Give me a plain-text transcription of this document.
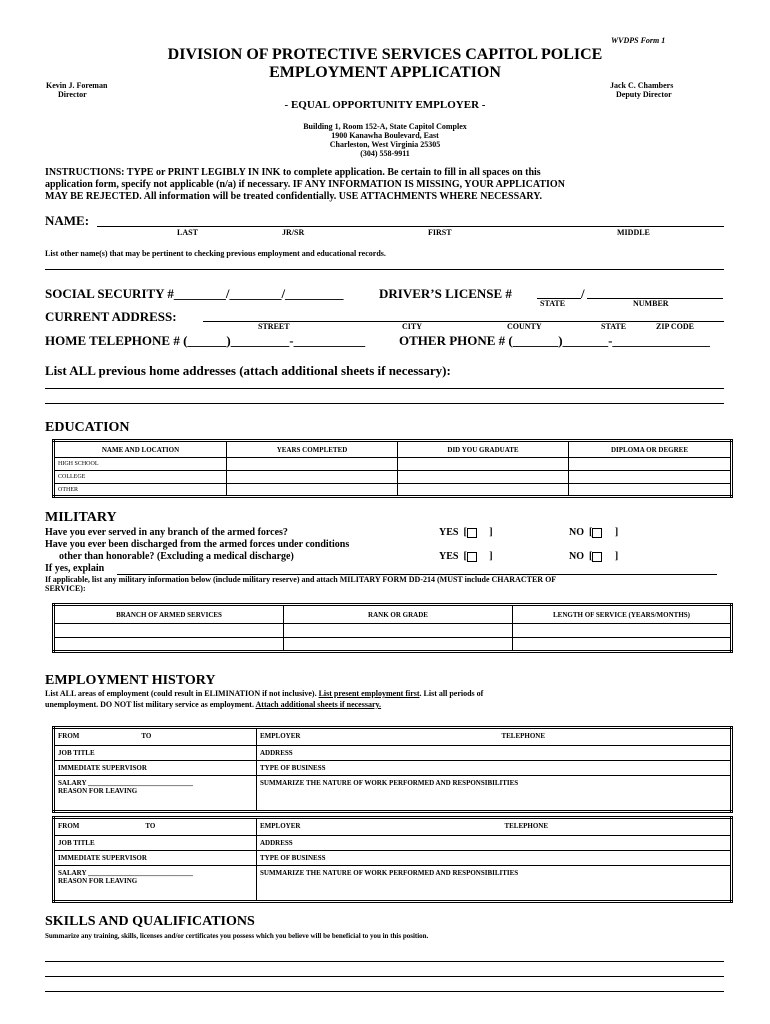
WVDPS Form 1
DIVISION OF PROTECTIVE SERVICES CAPITOL POLICE
EMPLOYMENT APPLICATION
Kevin J. Foreman
Director
Jack C. Chambers
Deputy Director
- EQUAL OPPORTUNITY EMPLOYER -
Building 1, Room 152-A, State Capitol Complex
1900 Kanawha Boulevard, East
Charleston, West Virginia 25305
(304) 558-9911
INSTRUCTIONS: TYPE or PRINT LEGIBLY IN INK to complete application. Be certain to fill in all spaces on this
application form, specify not applicable (n/a) if necessary. IF ANY INFORMATION IS MISSING, YOUR APPLICATION
MAY BE REJECTED. All information will be treated confidentially. USE ATTACHMENTS WHERE NECESSARY.
NAME:
LAST	JR/SR	FIRST	MIDDLE
List other name(s) that may be pertinent to checking previous employment and educational records.
SOCIAL SECURITY #________/________/_________	DRIVER’S LICENSE #	/
STATE	NUMBER
CURRENT ADDRESS:
STREET	CITY	COUNTY	STATE	ZIP CODE
HOME TELEPHONE # (______)_________-___________	OTHER PHONE # (_______)_______-_______________
List ALL previous home addresses (attach additional sheets if necessary):
EDUCATION
NAME AND LOCATION	YEARS COMPLETED	DID YOU GRADUATE	DIPLOMA OR DEGREE
HIGH SCHOOL			
COLLEGE			
OTHER			
MILITARY
Have you ever served in any branch of the armed forces?
Have you ever been discharged from the armed forces under conditions
other than honorable? (Excluding a medical discharge)
YES  [     ]	NO  [     ]
YES  [     ]	NO  [     ]
If yes, explain
If applicable, list any military information below (include military reserve) and attach MILITARY FORM DD-214 (MUST include CHARACTER OF
SERVICE):
BRANCH OF ARMED SERVICES	RANK OR GRADE	LENGTH OF SERVICE (YEARS/MONTHS)

EMPLOYMENT HISTORY
List ALL areas of employment (could result in ELIMINATION if not inclusive). List present employment first. List all periods of
unemployment. DO NOT list military service as employment. Attach additional sheets if necessary.
FROM TO	EMPLOYER TELEPHONE
JOB TITLE	ADDRESS
IMMEDIATE SUPERVISOR	TYPE OF BUSINESS

SALARY ______________________________
REASON FOR LEAVING	SUMMARIZE THE NATURE OF WORK PERFORMED AND RESPONSIBILITIES
FROM TO	EMPLOYER TELEPHONE
JOB TITLE	ADDRESS
IMMEDIATE SUPERVISOR	TYPE OF BUSINESS

SALARY ______________________________
REASON FOR LEAVING	SUMMARIZE THE NATURE OF WORK PERFORMED AND RESPONSIBILITIES
SKILLS AND QUALIFICATIONS
Summarize any training, skills, licenses and/or certificates you possess which you believe will be beneficial to you in this position.
